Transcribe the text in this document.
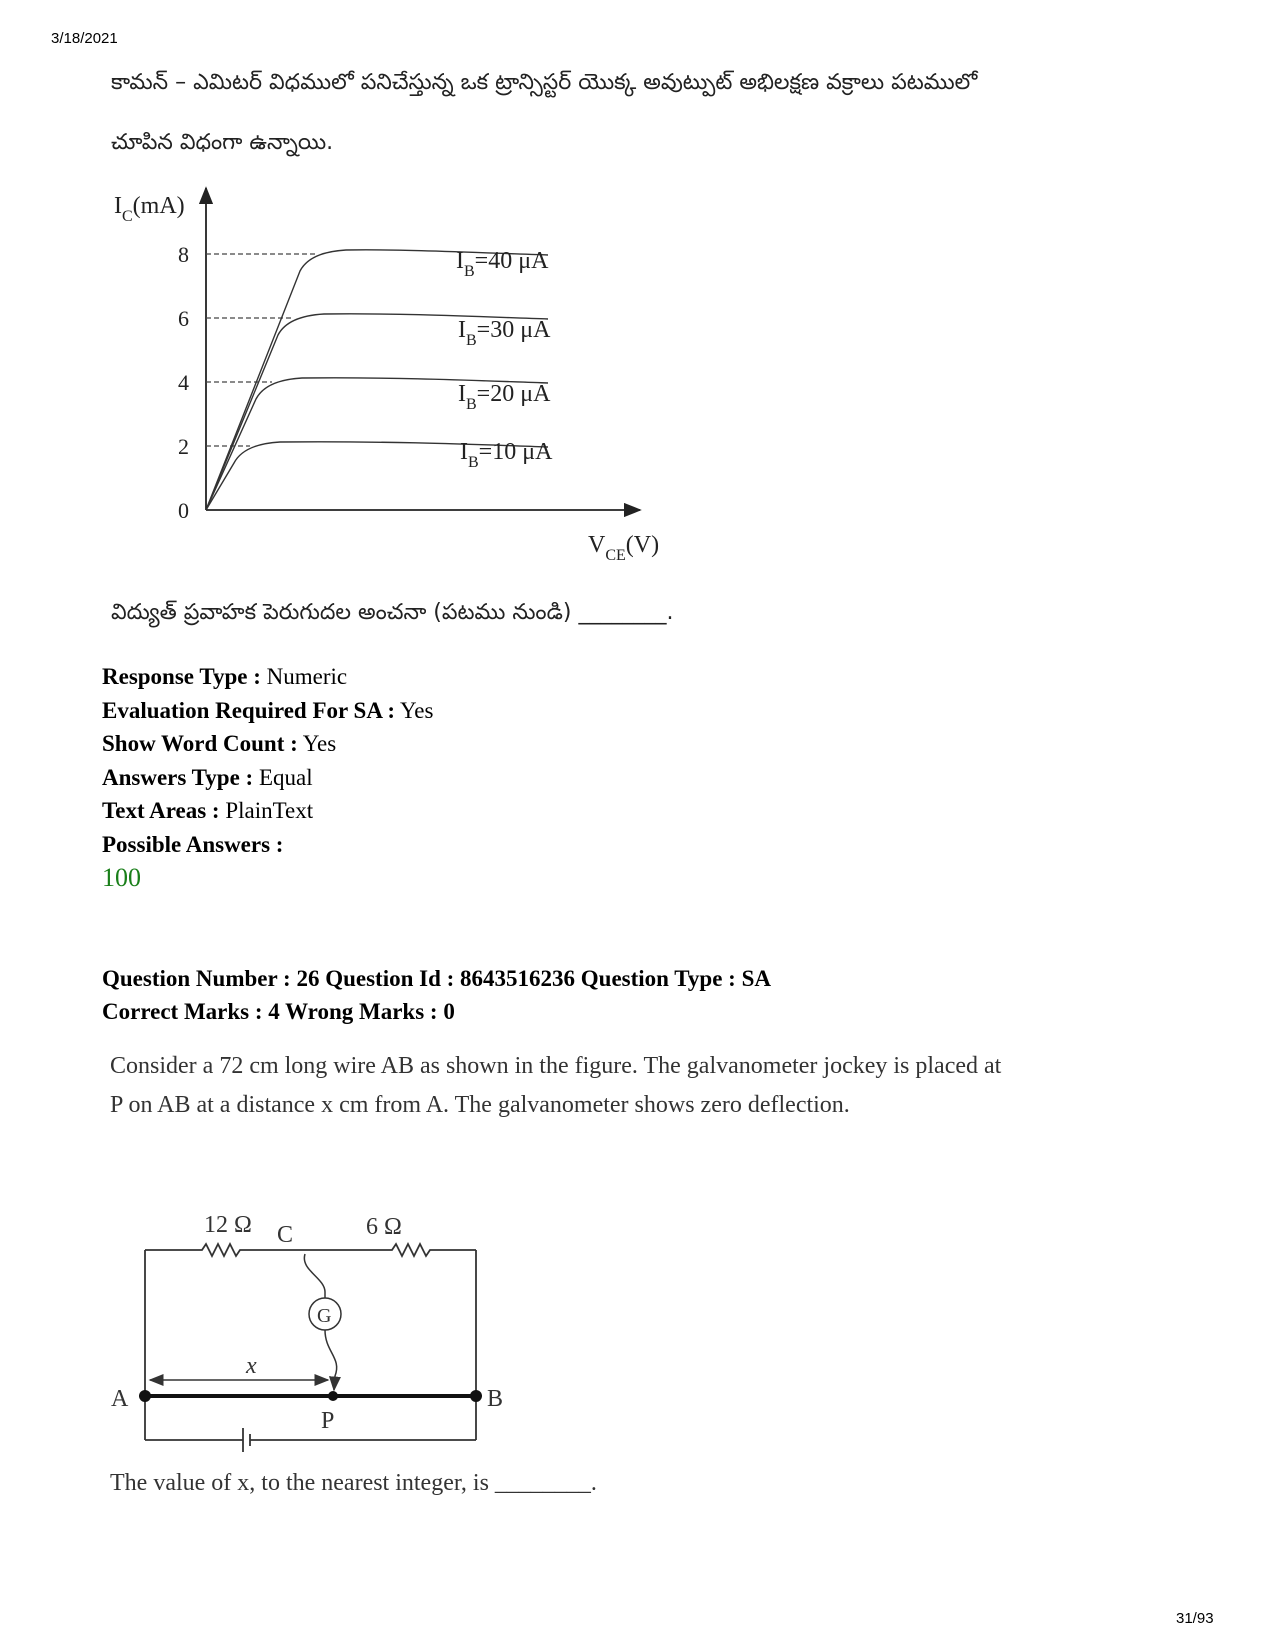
3/18/2021
కామన్ – ఎమిటర్ విధములో పనిచేస్తున్న ఒక ట్రాన్సిస్టర్ యొక్క అవుట్పుట్ అభిలక్షణ వక్రాలు పటములో
చూపిన విధంగా ఉన్నాయి.
$I_C(mA)$
$V_{CE}(V)$
0
2
4
6
8	$I_B=40$ μA
$I_B=30$ μA
$I_B=20$ μA
$I_B=10$ μA
విద్యుత్ ప్రవాహక పెరుగుదల అంచనా (పటము నుండి) ________.
Response Type : Numeric
Evaluation Required For SA : Yes
Show Word Count : Yes
Answers Type : Equal
Text Areas : PlainText
Possible Answers :
100
Question Number : 26 Question Id : 8643516236 Question Type : SA
Correct Marks : 4 Wrong Marks : 0
Consider a 72 cm long wire AB as shown in the figure. The galvanometer jockey is placed at
P on AB at a distance x cm from A. The galvanometer shows zero deflection.
12 Ω	6 Ω
C
G
x
A	B
P
The value of x, to the nearest integer, is ________.
31/93
